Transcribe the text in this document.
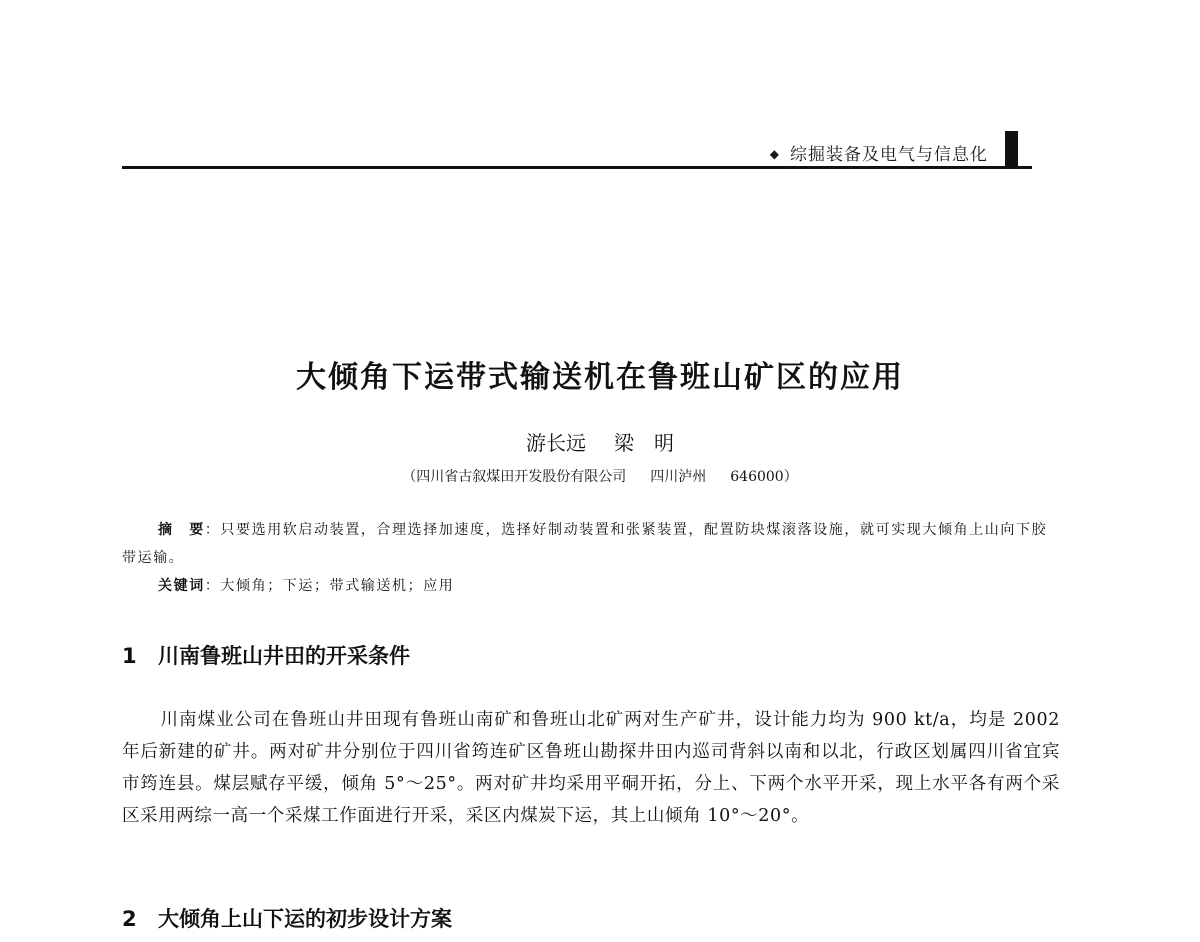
◆ 综掘装备及电气与信息化
大倾角下运带式输送机在鲁班山矿区的应用
游长远 梁　明
（四川省古叙煤田开发股份有限公司 四川泸州 646000）
摘　要：只要选用软启动装置，合理选择加速度，选择好制动装置和张紧装置，配置防块煤滚落设施，就可实现大倾角上山向下胶带运输。
关键词：大倾角；下运；带式输送机；应用
1 川南鲁班山井田的开采条件

川南煤业公司在鲁班山井田现有鲁班山南矿和鲁班山北矿两对生产矿井，设计能力均为 900 kt/a，均是 2002 年后新建的矿井。两对矿井分别位于四川省筠连矿区鲁班山勘探井田内巡司背斜以南和以北，行政区划属四川省宜宾市筠连县。煤层赋存平缓，倾角 5°～25°。两对矿井均采用平硐开拓，分上、下两个水平开采，现上水平各有两个采区采用两综一高一个采煤工作面进行开采，采区内煤炭下运，其上山倾角 10°～20°。

2 大倾角上山下运的初步设计方案
